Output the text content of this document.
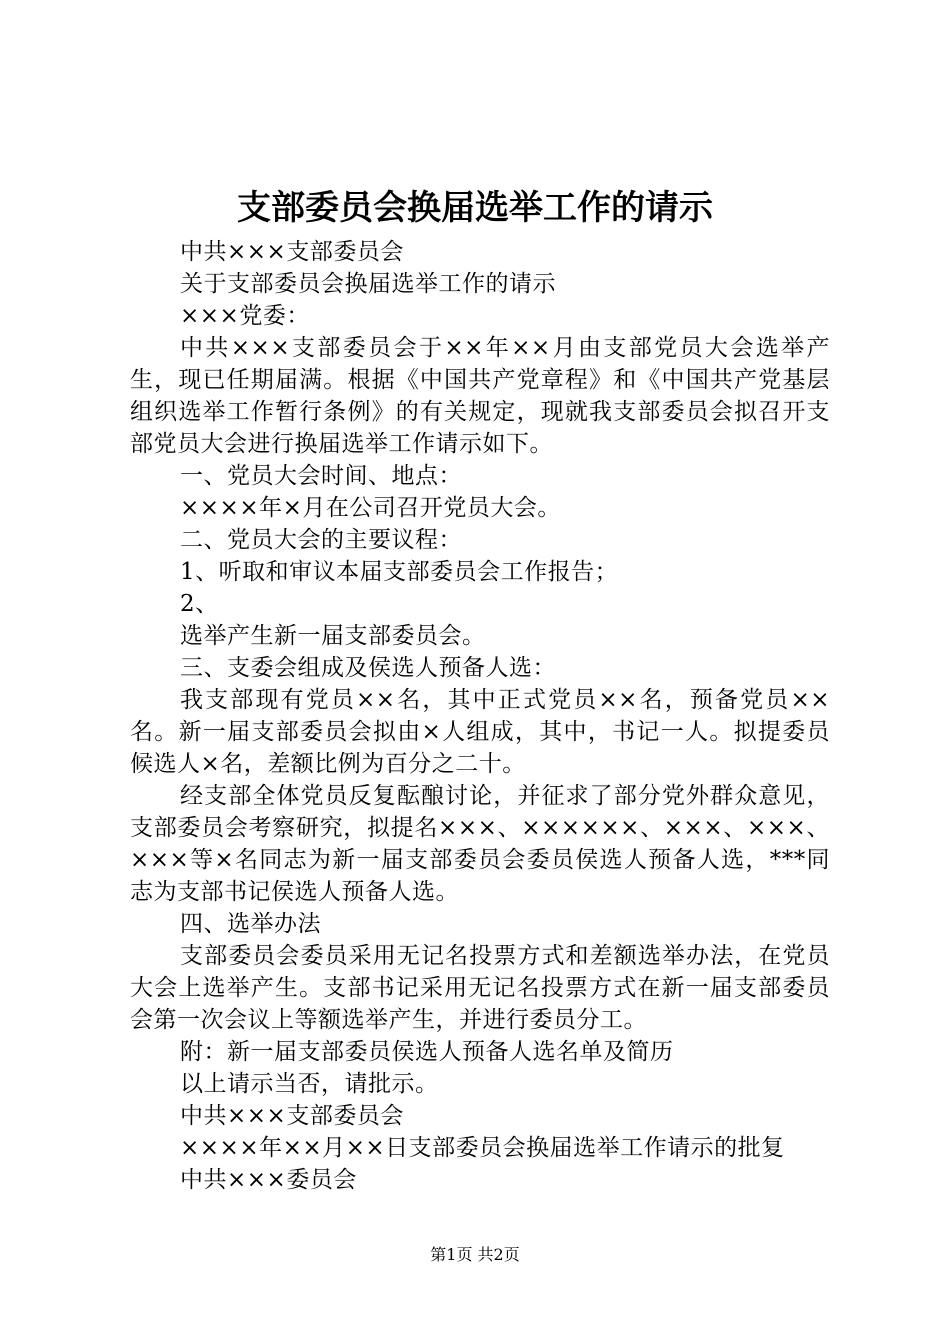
支部委员会换届选举工作的请示

中共×××支部委员会

关于支部委员会换届选举工作的请示

×××党委：

中共×××支部委员会于××年××月由支部党员大会选举产生，现已任期届满。根据《中国共产党章程》和《中国共产党基层组织选举工作暂行条例》的有关规定，现就我支部委员会拟召开支部党员大会进行换届选举工作请示如下。

一、党员大会时间、地点：

××××年×月在公司召开党员大会。

二、党员大会的主要议程：

1、听取和审议本届支部委员会工作报告；

2、

选举产生新一届支部委员会。

三、支委会组成及侯选人预备人选：

我支部现有党员××名，其中正式党员××名，预备党员××名。新一届支部委员会拟由×人组成，其中，书记一人。拟提委员候选人×名，差额比例为百分之二十。

经支部全体党员反复酝酿讨论，并征求了部分党外群众意见，支部委员会考察研究，拟提名×××、××××××、×××、×××、×××等×名同志为新一届支部委员会委员侯选人预备人选，***同志为支部书记侯选人预备人选。

四、选举办法

支部委员会委员采用无记名投票方式和差额选举办法，在党员大会上选举产生。支部书记采用无记名投票方式在新一届支部委员会第一次会议上等额选举产生，并进行委员分工。

附：新一届支部委员侯选人预备人选名单及简历

以上请示当否，请批示。

中共×××支部委员会

××××年××月××日支部委员会换届选举工作请示的批复

中共×××委员会

第1页 共2页
